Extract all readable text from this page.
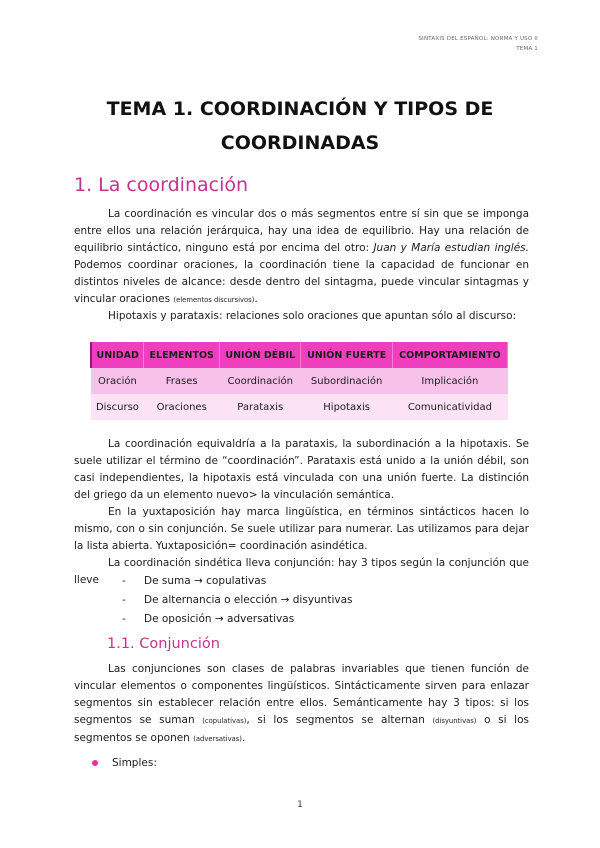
SINTAXIS DEL ESPAÑOL: NORMA Y USO II
TEMA 1
TEMA 1. COORDINACIÓN Y TIPOS DE COORDINADAS
1. La coordinación
La coordinación es vincular dos o más segmentos entre sí sin que se imponga entre ellos una relación jerárquica, hay una idea de equilibrio. Hay una relación de equilibrio sintáctico, ninguno está por encima del otro: Juan y María estudian inglés. Podemos coordinar oraciones, la coordinación tiene la capacidad de funcionar en distintos niveles de alcance: desde dentro del sintagma, puede vincular sintagmas y vincular oraciones (elementos discursivos).
Hipotaxis y parataxis: relaciones solo oraciones que apuntan sólo al discurso:
UNIDAD	ELEMENTOS	UNIÓN DÉBIL	UNIÓN FUERTE	COMPORTAMIENTO
Oración	Frases	Coordinación	Subordinación	Implicación
Discurso	Oraciones	Parataxis	Hipotaxis	Comunicatividad
La coordinación equivaldría a la parataxis, la subordinación a la hipotaxis. Se suele utilizar el término de “coordinación”. Parataxis está unido a la unión débil, son casi independientes, la hipotaxis está vinculada con una unión fuerte. La distinción del griego da un elemento nuevo> la vinculación semántica.
En la yuxtaposición hay marca lingüística, en términos sintácticos hacen lo mismo, con o sin conjunción. Se suele utilizar para numerar. Las utilizamos para dejar la lista abierta. Yuxtaposición= coordinación asindética.
La coordinación sindética lleva conjunción: hay 3 tipos según la conjunción que lleve	-	De suma → copulativas
-	De alternancia o elección → disyuntivas
-	De oposición → adversativas
1.1. Conjunción
Las conjunciones son clases de palabras invariables que tienen función de vincular elementos o componentes lingüísticos. Sintácticamente sirven para enlazar segmentos sin establecer relación entre ellos. Semánticamente hay 3 tipos: si los segmentos se suman (copulativas), si los segmentos se alternan (disyuntivas) o si los segmentos se oponen (adversativas).
Simples:
1
